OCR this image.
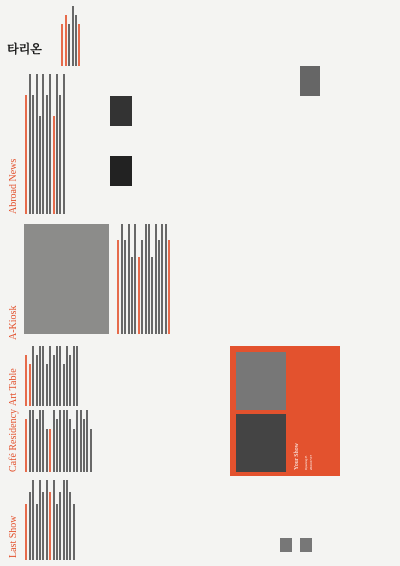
Last Show
Café Residency
Art Table
Your Show Opening P. 2023.07.07
A-Kiosk
Abroad News
타리온
